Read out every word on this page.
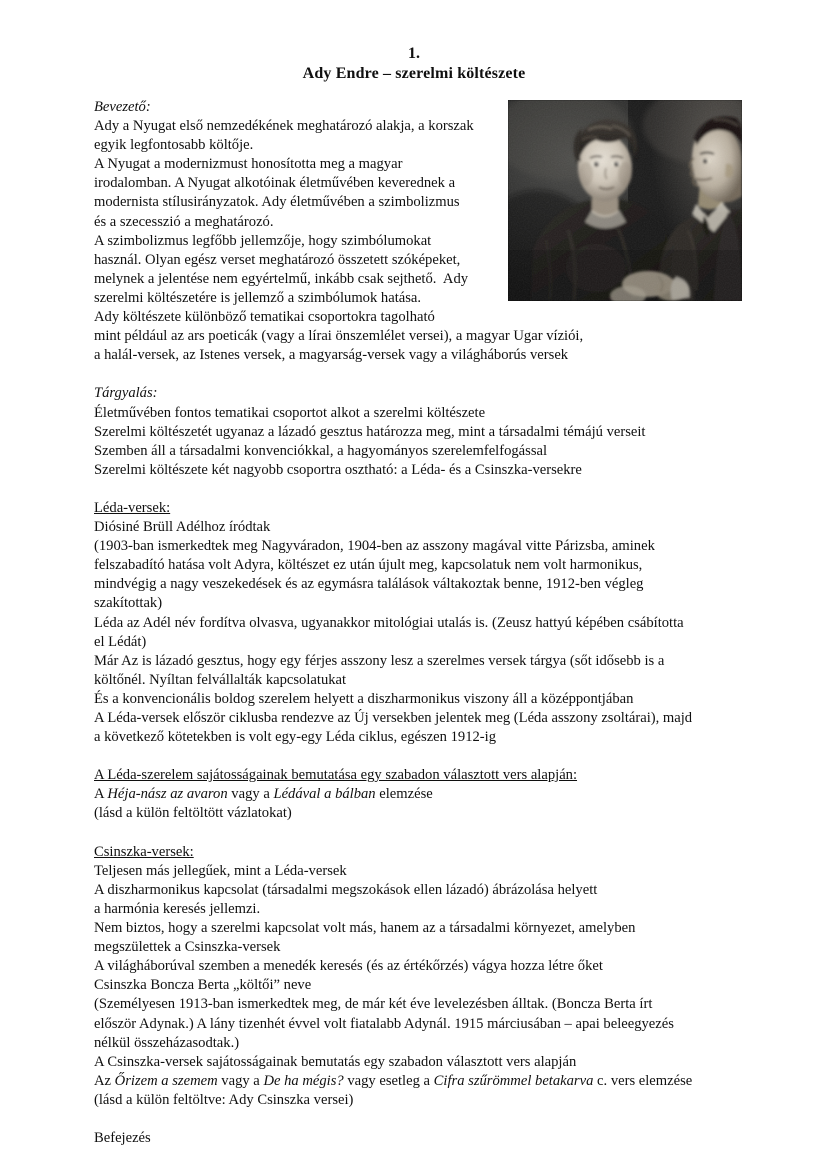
1.
Ady Endre – szerelmi költészete
Bevezető:
Ady a Nyugat első nemzedékének meghatározó alakja, a korszak
egyik legfontosabb költője.
A Nyugat a modernizmust honosította meg a magyar
irodalomban. A Nyugat alkotóinak életművében keverednek a
modernista stílusirányzatok. Ady életművében a szimbolizmus
és a szecesszió a meghatározó.
A szimbolizmus legfőbb jellemzője, hogy szimbólumokat
használ. Olyan egész verset meghatározó összetett szóképeket,
melynek a jelentése nem egyértelmű, inkább csak sejthető.  Ady
szerelmi költészetére is jellemző a szimbólumok hatása.
Ady költészete különböző tematikai csoportokra tagolható
mint például az ars poeticák (vagy a lírai önszemlélet versei), a magyar Ugar víziói,
a halál-versek, az Istenes versek, a magyarság-versek vagy a világháborús versek
Tárgyalás:
Életművében fontos tematikai csoportot alkot a szerelmi költészete
Szerelmi költészetét ugyanaz a lázadó gesztus határozza meg, mint a társadalmi témájú verseit
Szemben áll a társadalmi konvenciókkal, a hagyományos szerelemfelfogással
Szerelmi költészete két nagyobb csoportra osztható: a Léda- és a Csinszka-versekre
Léda-versek:
Diósiné Brüll Adélhoz íródtak
(1903-ban ismerkedtek meg Nagyváradon, 1904-ben az asszony magával vitte Párizsba, aminek
felszabadító hatása volt Adyra, költészet ez után újult meg, kapcsolatuk nem volt harmonikus,
mindvégig a nagy veszekedések és az egymásra találások váltakoztak benne, 1912-ben végleg
szakítottak)
Léda az Adél név fordítva olvasva, ugyanakkor mitológiai utalás is. (Zeusz hattyú képében csábította
el Lédát)
Már Az is lázadó gesztus, hogy egy férjes asszony lesz a szerelmes versek tárgya (sőt idősebb is a
költőnél. Nyíltan felvállalták kapcsolatukat
És a konvencionális boldog szerelem helyett a diszharmonikus viszony áll a középpontjában
A Léda-versek először ciklusba rendezve az Új versekben jelentek meg (Léda asszony zsoltárai), majd
a következő kötetekben is volt egy-egy Léda ciklus, egészen 1912-ig
A Léda-szerelem sajátosságainak bemutatása egy szabadon választott vers alapján:
A Héja-nász az avaron vagy a Lédával a bálban elemzése
(lásd a külön feltöltött vázlatokat)
Csinszka-versek:
Teljesen más jellegűek, mint a Léda-versek
A diszharmonikus kapcsolat (társadalmi megszokások ellen lázadó) ábrázolása helyett
a harmónia keresés jellemzi.
Nem biztos, hogy a szerelmi kapcsolat volt más, hanem az a társadalmi környezet, amelyben
megszülettek a Csinszka-versek
A világháborúval szemben a menedék keresés (és az értékőrzés) vágya hozza létre őket
Csinszka Boncza Berta „költői” neve
(Személyesen 1913-ban ismerkedtek meg, de már két éve levelezésben álltak. (Boncza Berta írt
először Adynak.) A lány tizenhét évvel volt fiatalabb Adynál. 1915 márciusában – apai beleegyezés
nélkül összeházasodtak.)
A Csinszka-versek sajátosságainak bemutatás egy szabadon választott vers alapján
Az Őrizem a szemem vagy a De ha mégis? vagy esetleg a Cifra szűrömmel betakarva c. vers elemzése
(lásd a külön feltöltve: Ady Csinszka versei)
Befejezés
